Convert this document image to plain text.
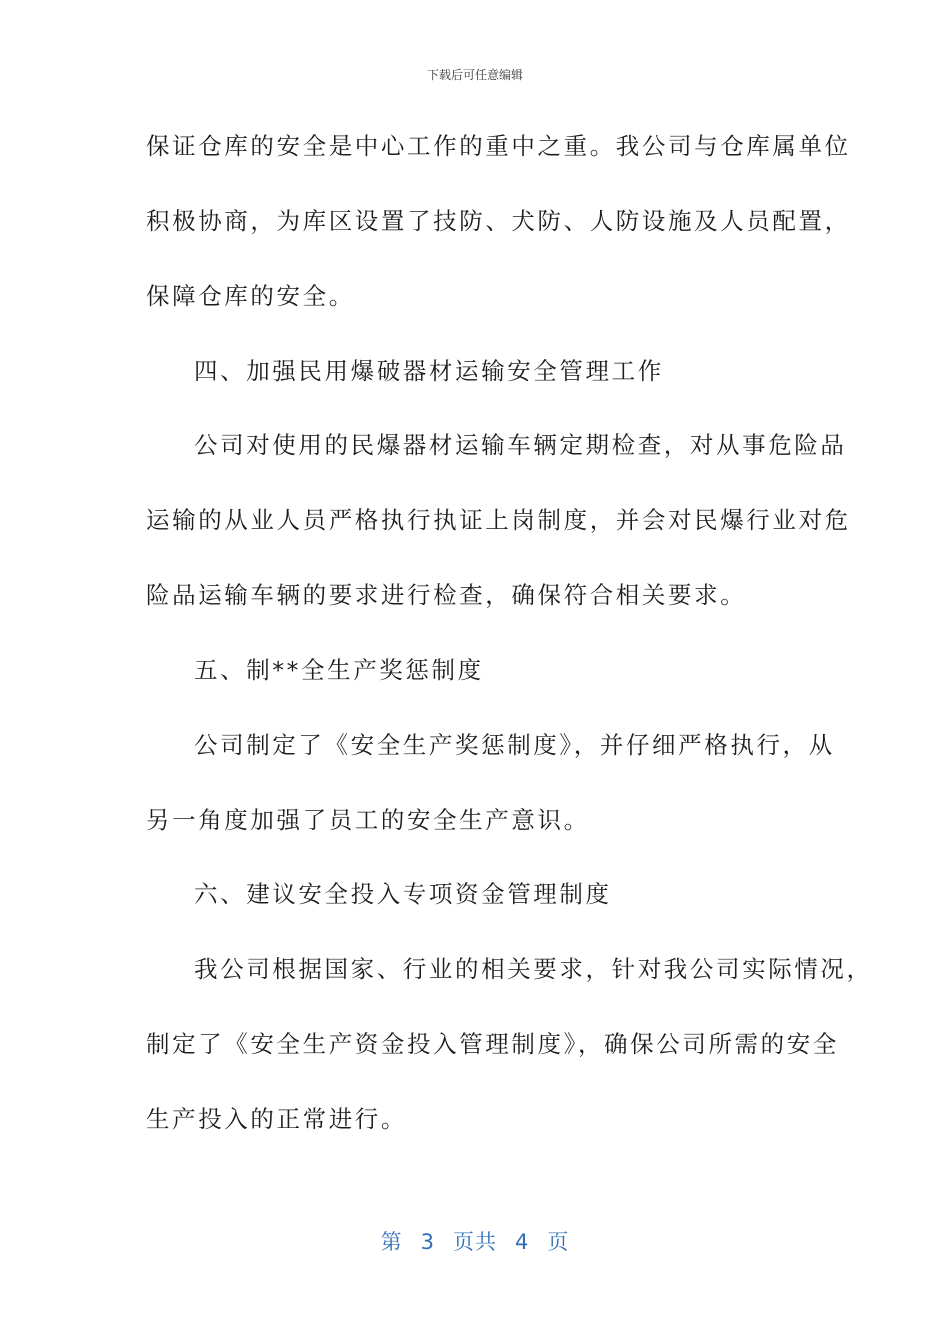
下载后可任意编辑
保证仓库的安全是中心工作的重中之重。我公司与仓库属单位
积极协商，为库区设置了技防、犬防、人防设施及人员配置，
保障仓库的安全。
四、加强民用爆破器材运输安全管理工作
公司对使用的民爆器材运输车辆定期检查，对从事危险品
运输的从业人员严格执行执证上岗制度，并会对民爆行业对危
险品运输车辆的要求进行检查，确保符合相关要求。
五、制**全生产奖惩制度
公司制定了《安全生产奖惩制度》，并仔细严格执行，从
另一角度加强了员工的安全生产意识。
六、建议安全投入专项资金管理制度
我公司根据国家、行业的相关要求，针对我公司实际情况，
制定了《安全生产资金投入管理制度》，确保公司所需的安全
生产投入的正常进行。
第 3 页共 4 页
